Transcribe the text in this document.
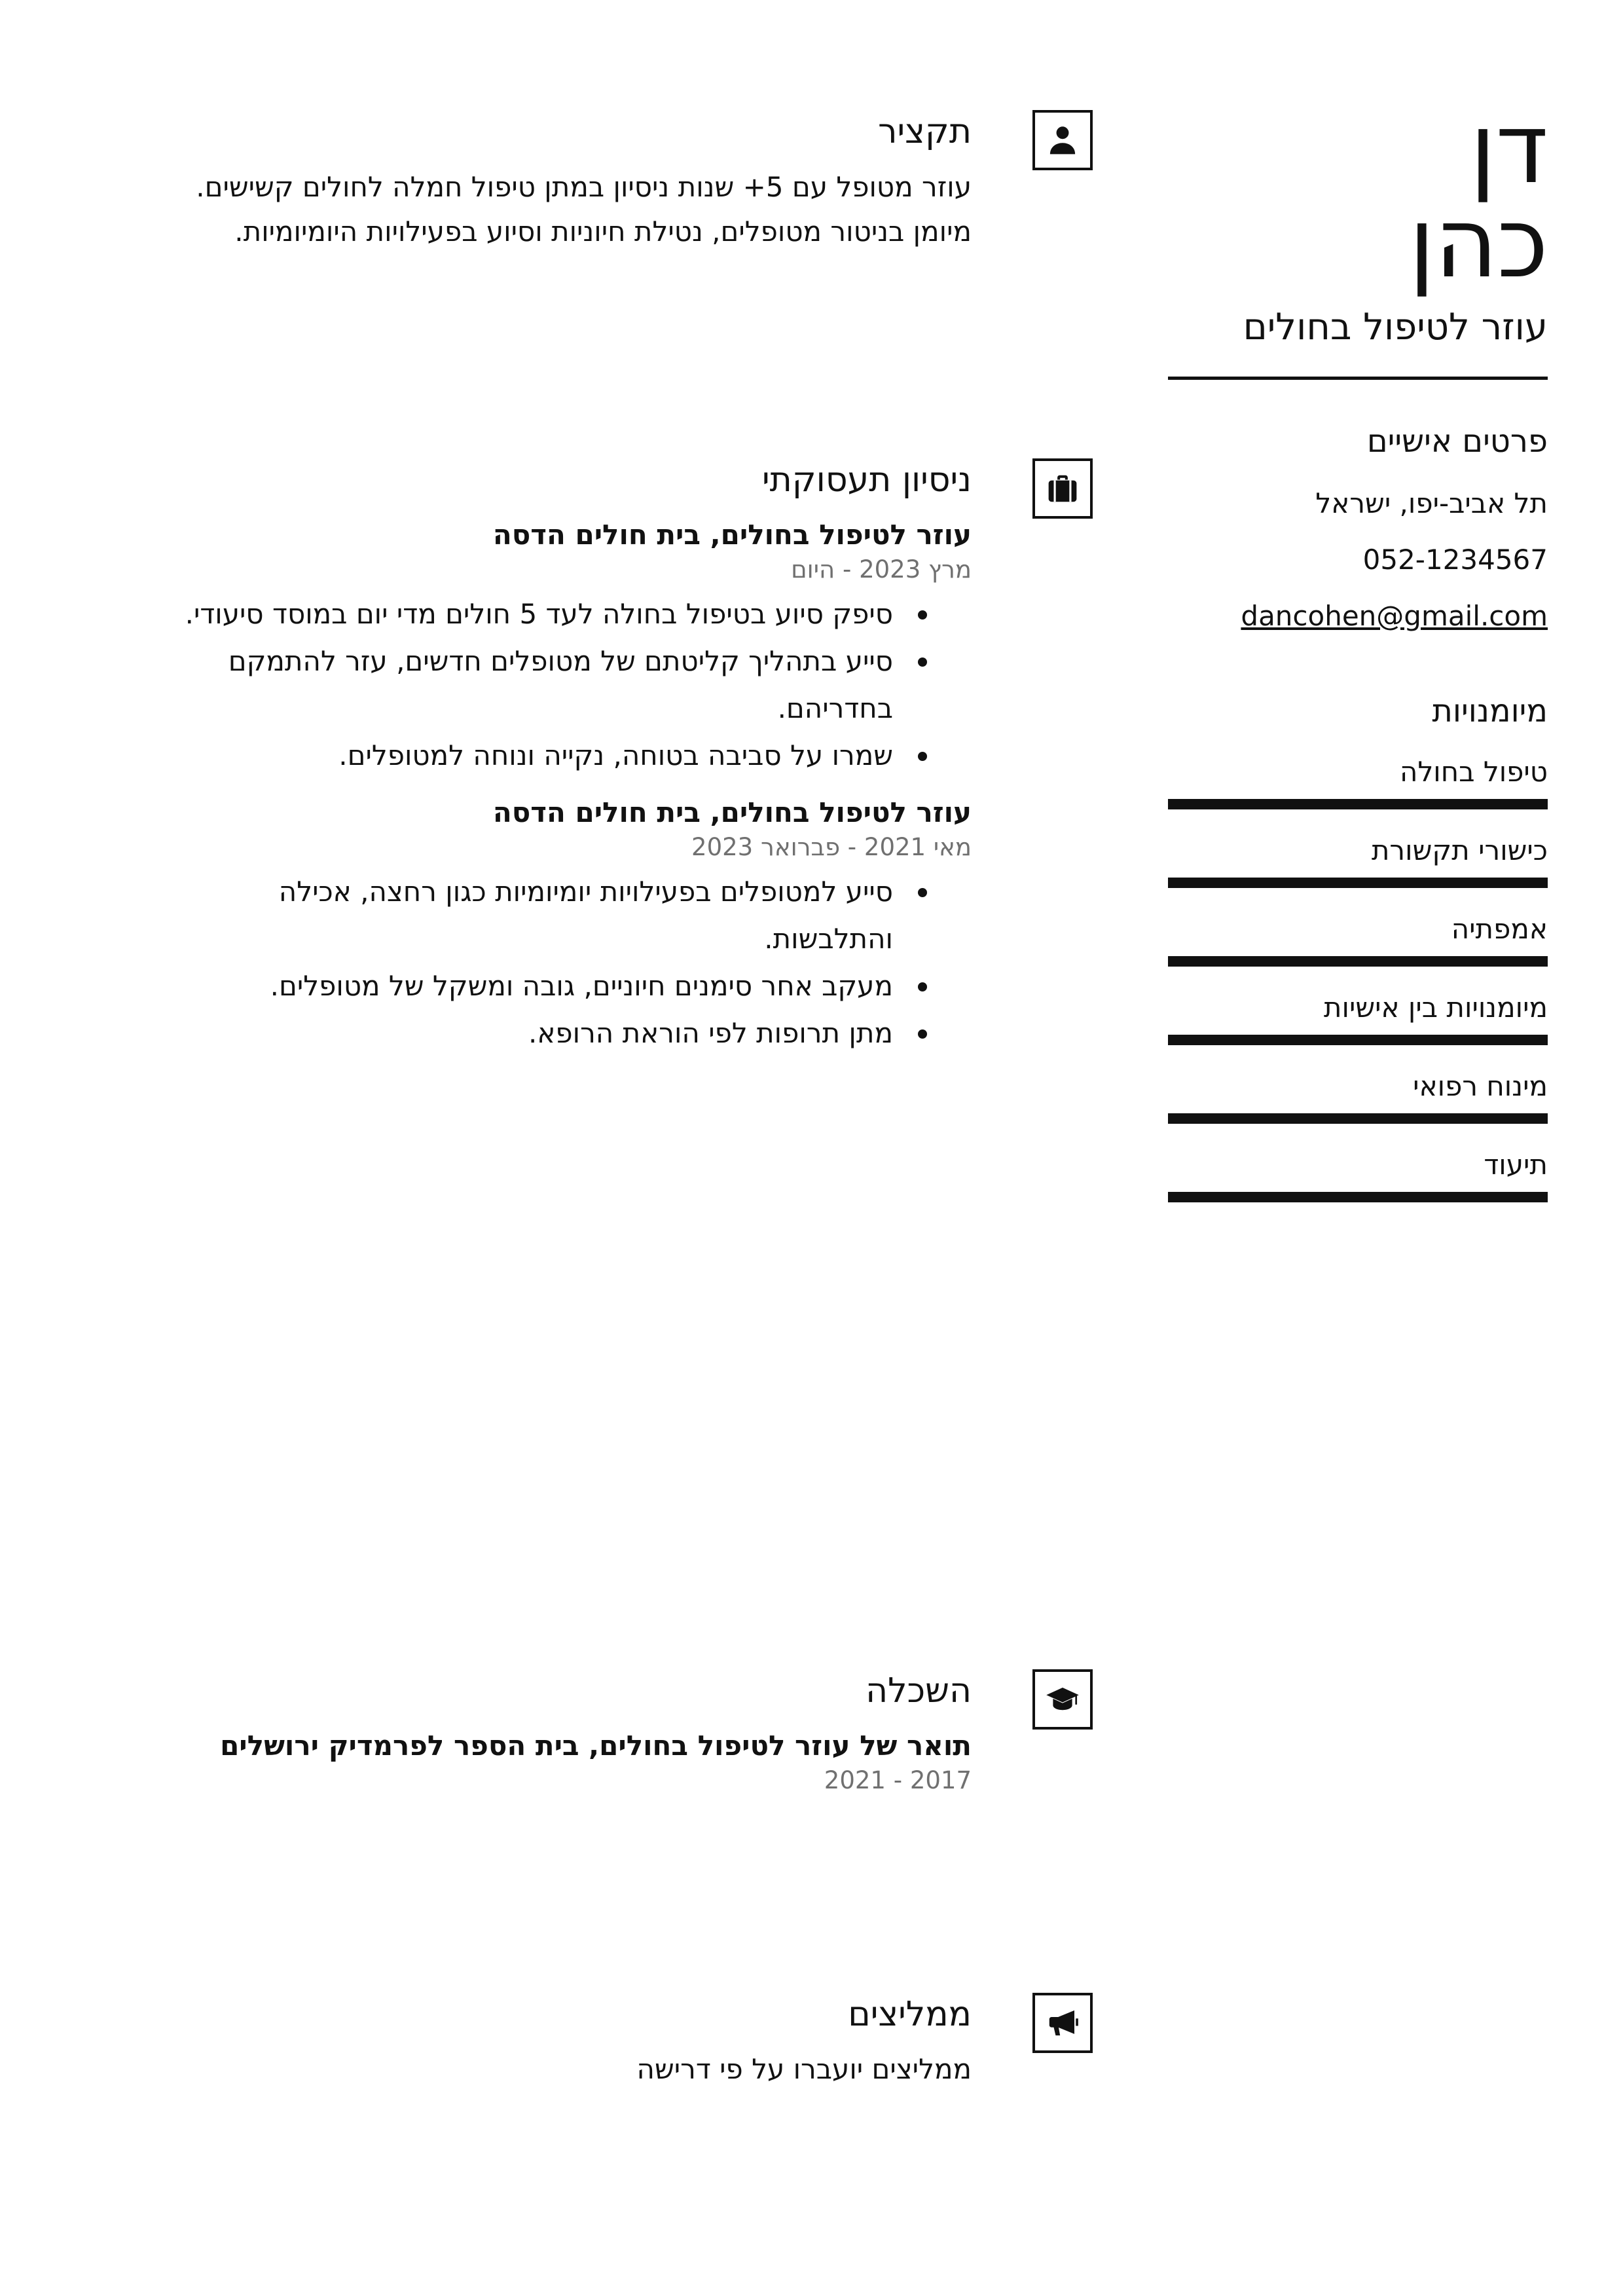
דן
כהן
עוזר לטיפול בחולים
פרטים אישיים
תל אביב-יפו, ישראל
052-1234567
dancohen@gmail.com
מיומנויות
טיפול בחולה
כישורי תקשורת
אמפתיה
מיומנויות בין אישיות
מינוח רפואי
תיעוד
תקציר
עוזר מטופל עם 5+ שנות ניסיון במתן טיפול חמלה לחולים קשישים. מיומן בניטור מטופלים, נטילת חיוניות וסיוע בפעילויות היומיומיות.
ניסיון תעסוקתי
עוזר לטיפול בחולים, בית חולים הדסה
מרץ 2023 - היום
סיפק סיוע בטיפול בחולה לעד 5 חולים מדי יום במוסד סיעודי.
סייע בתהליך קליטתם של מטופלים חדשים, עזר להתמקם בחדריהם.
שמרו על סביבה בטוחה, נקייה ונוחה למטופלים.
עוזר לטיפול בחולים, בית חולים הדסה
מאי 2021 - פברואר 2023
סייע למטופלים בפעילויות יומיומיות כגון רחצה, אכילה והתלבשות.
מעקב אחר סימנים חיוניים, גובה ומשקל של מטופלים.
מתן תרופות לפי הוראת הרופא.
השכלה
תואר של עוזר לטיפול בחולים, בית הספר לפרמדיק ירושלים
2017 - 2021
ממליצים
ממליצים יועברו על פי דרישה
